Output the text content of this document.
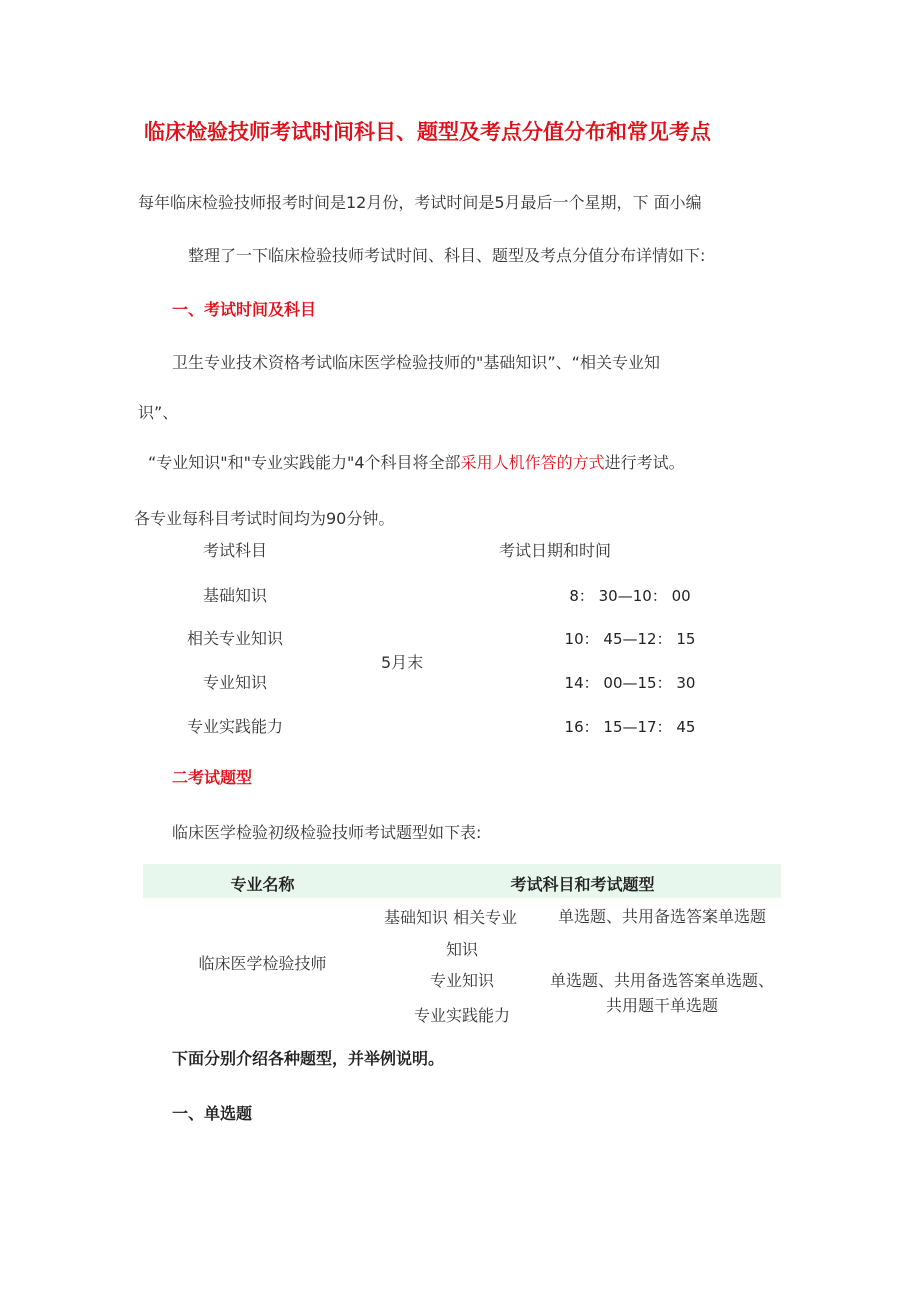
临床检验技师考试时间科目、题型及考点分值分布和常见考点
每年临床检验技师报考时间是12月份，考试时间是5月最后一个星期，下 面小编
整理了一下临床检验技师考试时间、科目、题型及考点分值分布详情如下:
一、考试时间及科目
卫生专业技术资格考试临床医学检验技师的"基础知识”、“相关专业知
识”、
“专业知识"和"专业实践能力"4个科目将全部采用人机作答的方式进行考试。
各专业每科目考试时间均为90分钟。
考试科目	考试日期和时间
基础知识
相关专业知识
专业知识
专业实践能力
5月末
8： 30—10： 00
10： 45—12： 15
14： 00—15： 30
16： 15—17： 45
二考试题型
临床医学检验初级检验技师考试题型如下表:
专业名称	考试科目和考试题型
临床医学检验技师
基础知识 相关专业
知识
专业知识
专业实践能力
单选题、共用备选答案单选题
单选题、共用备选答案单选题、共用题干单选题
下面分别介绍各种题型，并举例说明。
一、单选题
